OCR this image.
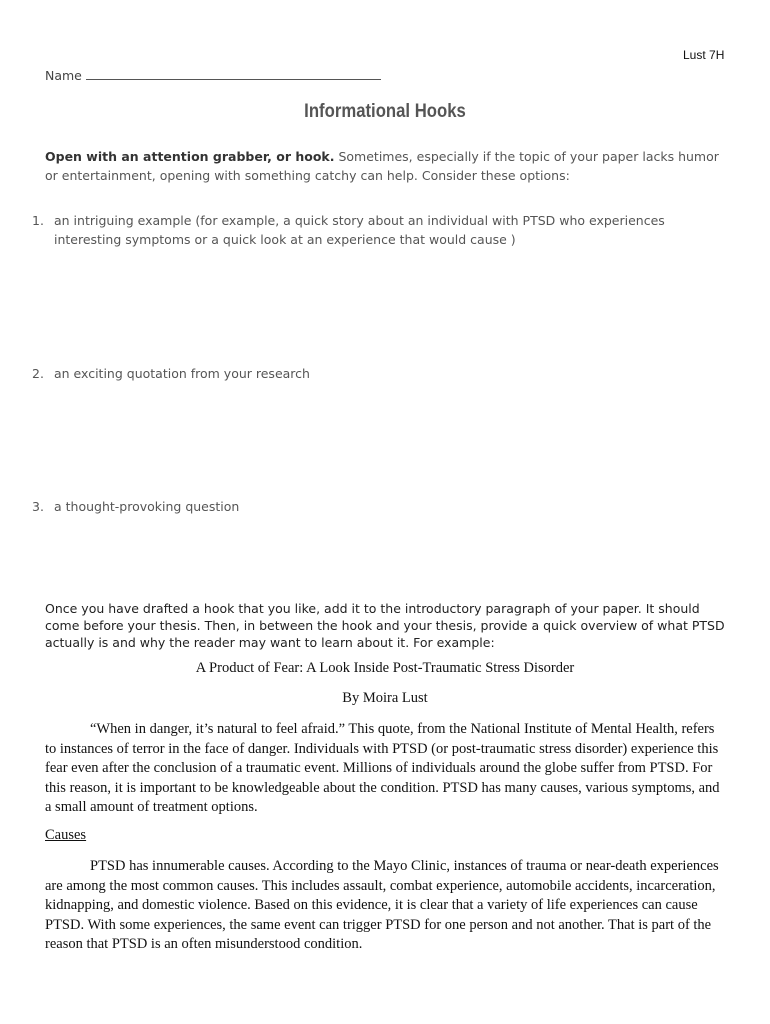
Lust 7H
Name
Informational Hooks
Open with an attention grabber, or hook. Sometimes, especially if the topic of your paper lacks humor or entertainment, opening with something catchy can help. Consider these options:
1. an intriguing example (for example, a quick story about an individual with PTSD who experiences interesting symptoms or a quick look at an experience that would cause )
2. an exciting quotation from your research
3. a thought-provoking question
Once you have drafted a hook that you like, add it to the introductory paragraph of your paper. It should come before your thesis. Then, in between the hook and your thesis, provide a quick overview of what PTSD actually is and why the reader may want to learn about it. For example:
A Product of Fear: A Look Inside Post-Traumatic Stress Disorder
By Moira Lust

“When in danger, it’s natural to feel afraid.” This quote, from the National Institute of Mental Health, refers to instances of terror in the face of danger. Individuals with PTSD (or post-traumatic stress disorder) experience this fear even after the conclusion of a traumatic event. Millions of individuals around the globe suffer from PTSD. For this reason, it is important to be knowledgeable about the condition. PTSD has many causes, various symptoms, and a small amount of treatment options.

Causes

PTSD has innumerable causes. According to the Mayo Clinic, instances of trauma or near-death experiences are among the most common causes. This includes assault, combat experience, automobile accidents, incarceration, kidnapping, and domestic violence. Based on this evidence, it is clear that a variety of life experiences can cause PTSD. With some experiences, the same event can trigger PTSD for one person and not another. That is part of the reason that PTSD is an often misunderstood condition.
